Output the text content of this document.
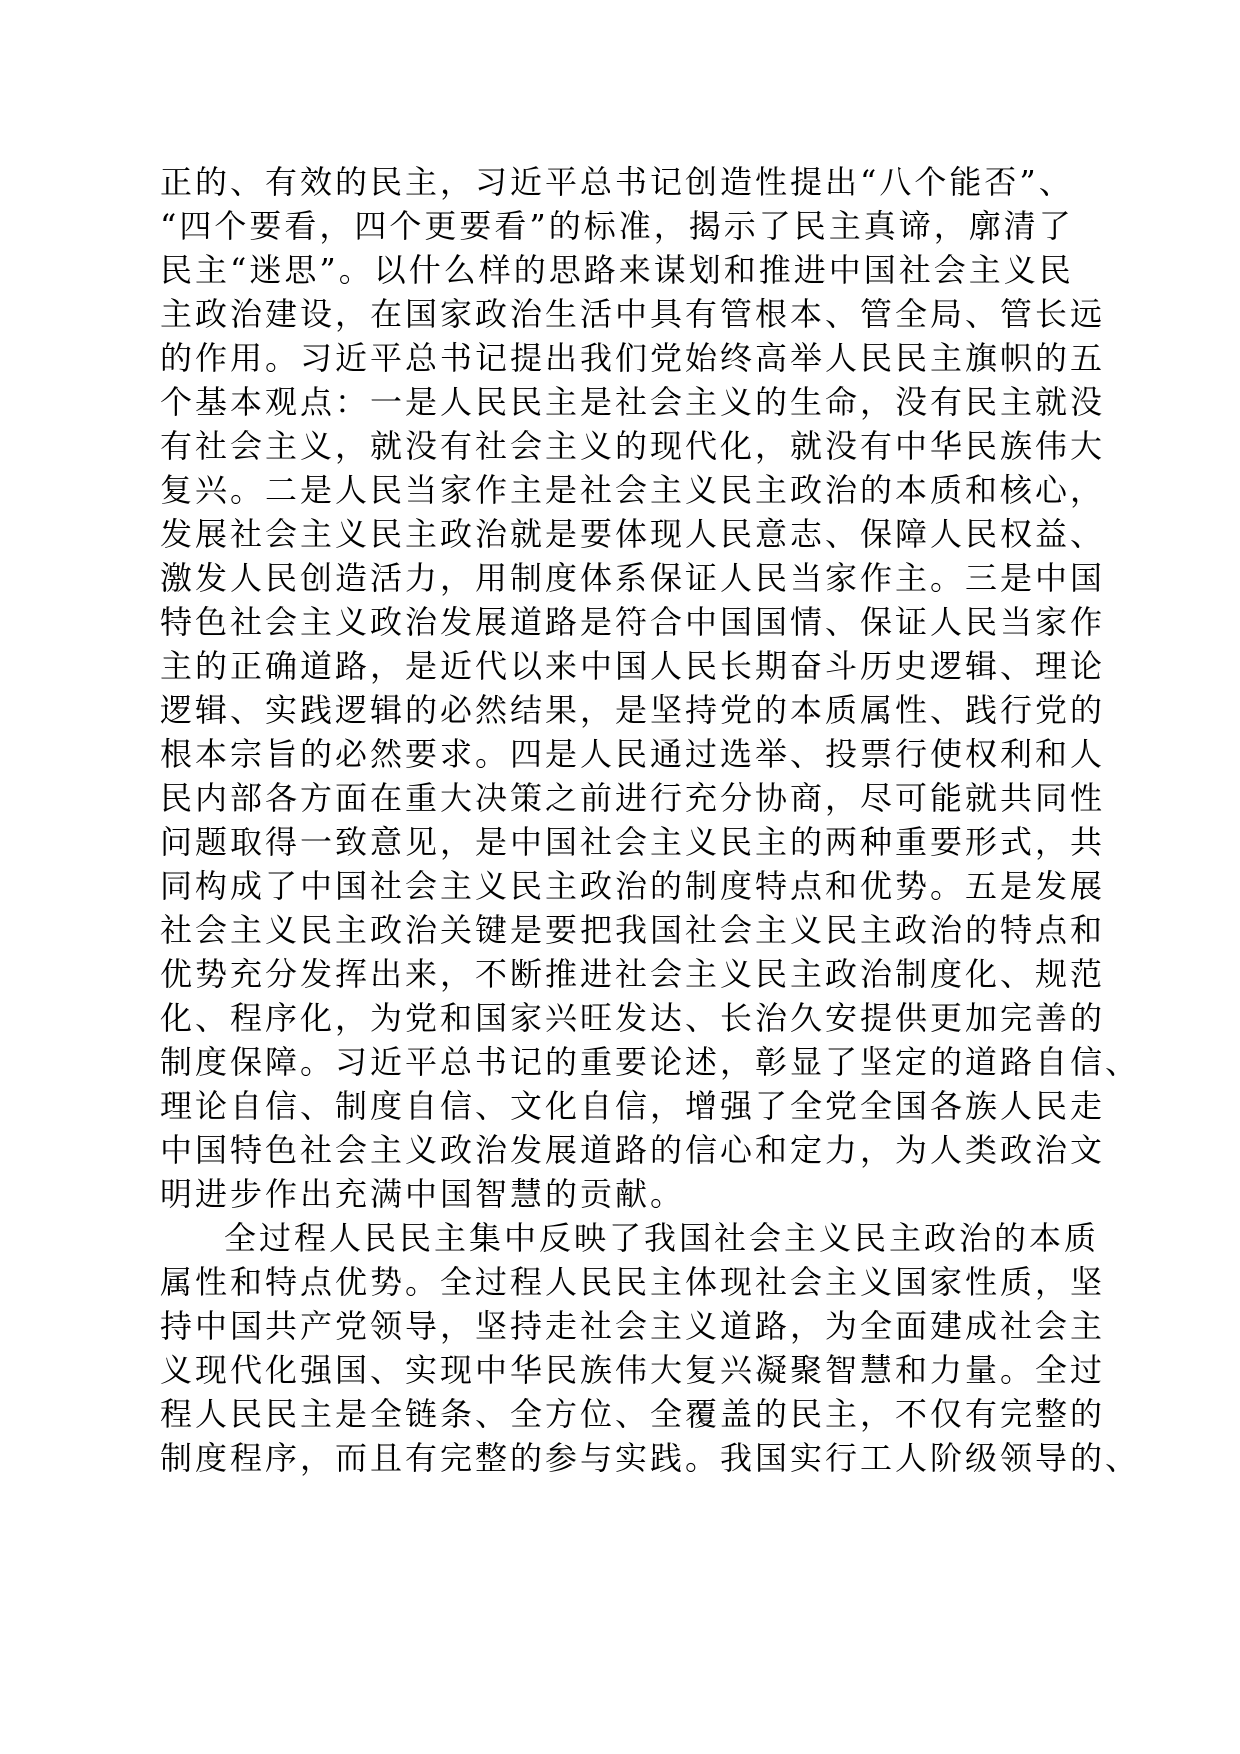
正的、有效的民主，习近平总书记创造性提出“八个能否”、
“四个要看，四个更要看”的标准，揭示了民主真谛，廓清了
民主“迷思”。以什么样的思路来谋划和推进中国社会主义民
主政治建设，在国家政治生活中具有管根本、管全局、管长远
的作用。习近平总书记提出我们党始终高举人民民主旗帜的五
个基本观点：一是人民民主是社会主义的生命，没有民主就没
有社会主义，就没有社会主义的现代化，就没有中华民族伟大
复兴。二是人民当家作主是社会主义民主政治的本质和核心，
发展社会主义民主政治就是要体现人民意志、保障人民权益、
激发人民创造活力，用制度体系保证人民当家作主。三是中国
特色社会主义政治发展道路是符合中国国情、保证人民当家作
主的正确道路，是近代以来中国人民长期奋斗历史逻辑、理论
逻辑、实践逻辑的必然结果，是坚持党的本质属性、践行党的
根本宗旨的必然要求。四是人民通过选举、投票行使权利和人
民内部各方面在重大决策之前进行充分协商，尽可能就共同性
问题取得一致意见，是中国社会主义民主的两种重要形式，共
同构成了中国社会主义民主政治的制度特点和优势。五是发展
社会主义民主政治关键是要把我国社会主义民主政治的特点和
优势充分发挥出来，不断推进社会主义民主政治制度化、规范
化、程序化，为党和国家兴旺发达、长治久安提供更加完善的
制度保障。习近平总书记的重要论述，彰显了坚定的道路自信、
理论自信、制度自信、文化自信，增强了全党全国各族人民走
中国特色社会主义政治发展道路的信心和定力，为人类政治文
明进步作出充满中国智慧的贡献。
全过程人民民主集中反映了我国社会主义民主政治的本质
属性和特点优势。全过程人民民主体现社会主义国家性质，坚
持中国共产党领导，坚持走社会主义道路，为全面建成社会主
义现代化强国、实现中华民族伟大复兴凝聚智慧和力量。全过
程人民民主是全链条、全方位、全覆盖的民主，不仅有完整的
制度程序，而且有完整的参与实践。我国实行工人阶级领导的、
